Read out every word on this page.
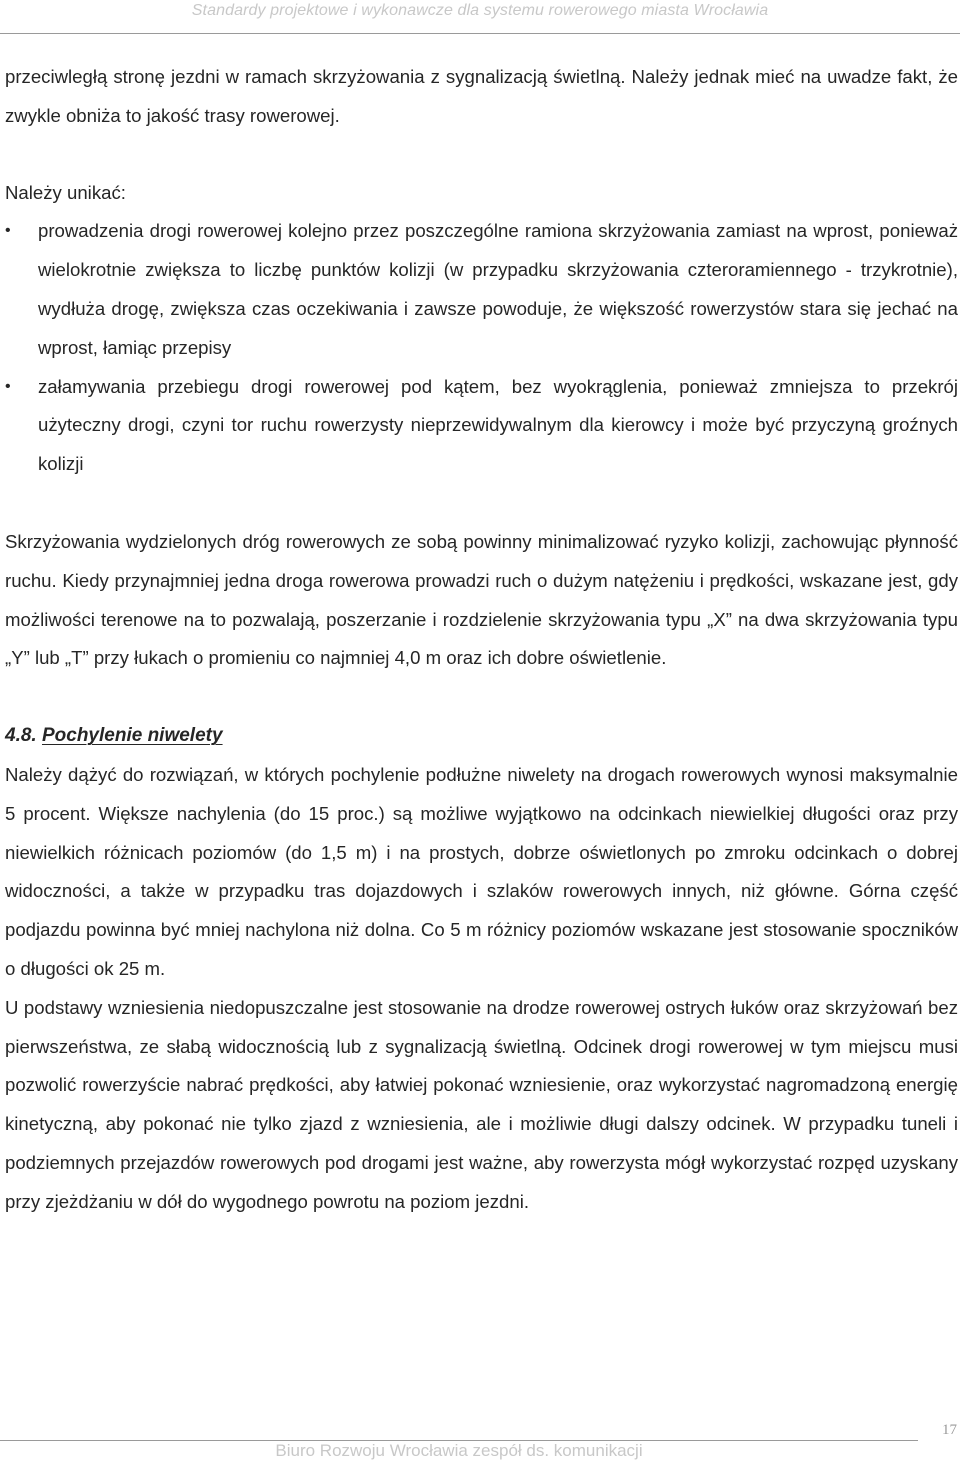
Standardy projektowe i wykonawcze dla systemu rowerowego miasta Wrocławia

przeciwległą stronę jezdni w ramach skrzyżowania z sygnalizacją świetlną. Należy jednak mieć na uwadze fakt, że zwykle obniża to jakość trasy rowerowej.

Należy unikać:

•	prowadzenia drogi rowerowej kolejno przez poszczególne ramiona skrzyżowania zamiast na wprost, ponieważ wielokrotnie zwiększa to liczbę punktów kolizji (w przypadku skrzyżowania czteroramiennego - trzykrotnie), wydłuża drogę, zwiększa czas oczekiwania i zawsze powoduje, że większość rowerzystów stara się jechać na wprost, łamiąc przepisy
•	załamywania przebiegu drogi rowerowej pod kątem, bez wyokrąglenia, ponieważ zmniejsza to przekrój użyteczny drogi, czyni tor ruchu rowerzysty nieprzewidywalnym dla kierowcy i może być przyczyną groźnych kolizji

Skrzyżowania wydzielonych dróg rowerowych ze sobą powinny minimalizować ryzyko kolizji, zachowując płynność ruchu. Kiedy przynajmniej jedna droga rowerowa prowadzi ruch o dużym natężeniu i prędkości, wskazane jest, gdy możliwości terenowe na to pozwalają, poszerzanie i rozdzielenie skrzyżowania typu „X” na dwa skrzyżowania typu „Y” lub „T” przy łukach o promieniu co najmniej 4,0 m oraz ich dobre oświetlenie.

4.8. Pochylenie niwelety

Należy dążyć do rozwiązań, w których pochylenie podłużne niwelety na drogach rowerowych wynosi maksymalnie 5 procent. Większe nachylenia (do 15 proc.) są możliwe wyjątkowo na odcinkach niewielkiej długości oraz przy niewielkich różnicach poziomów (do 1,5 m) i na prostych, dobrze oświetlonych po zmroku odcinkach o dobrej widoczności, a także w przypadku tras dojazdowych i szlaków rowerowych innych, niż główne. Górna część podjazdu powinna być mniej nachylona niż dolna. Co 5 m różnicy poziomów wskazane jest stosowanie spoczników o długości ok 25 m.

U podstawy wzniesienia niedopuszczalne jest stosowanie na drodze rowerowej ostrych łuków oraz skrzyżowań bez pierwszeństwa, ze słabą widocznością lub z sygnalizacją świetlną. Odcinek drogi rowerowej w tym miejscu musi pozwolić rowerzyście nabrać prędkości, aby łatwiej pokonać wzniesienie, oraz wykorzystać nagromadzoną energię kinetyczną, aby pokonać nie tylko zjazd z wzniesienia, ale i możliwie długi dalszy odcinek. W przypadku tuneli i podziemnych przejazdów rowerowych pod drogami jest ważne, aby rowerzysta mógł wykorzystać rozpęd uzyskany przy zjeżdżaniu w dół do wygodnego powrotu na poziom jezdni.

17
Biuro Rozwoju Wrocławia zespół ds. komunikacji
